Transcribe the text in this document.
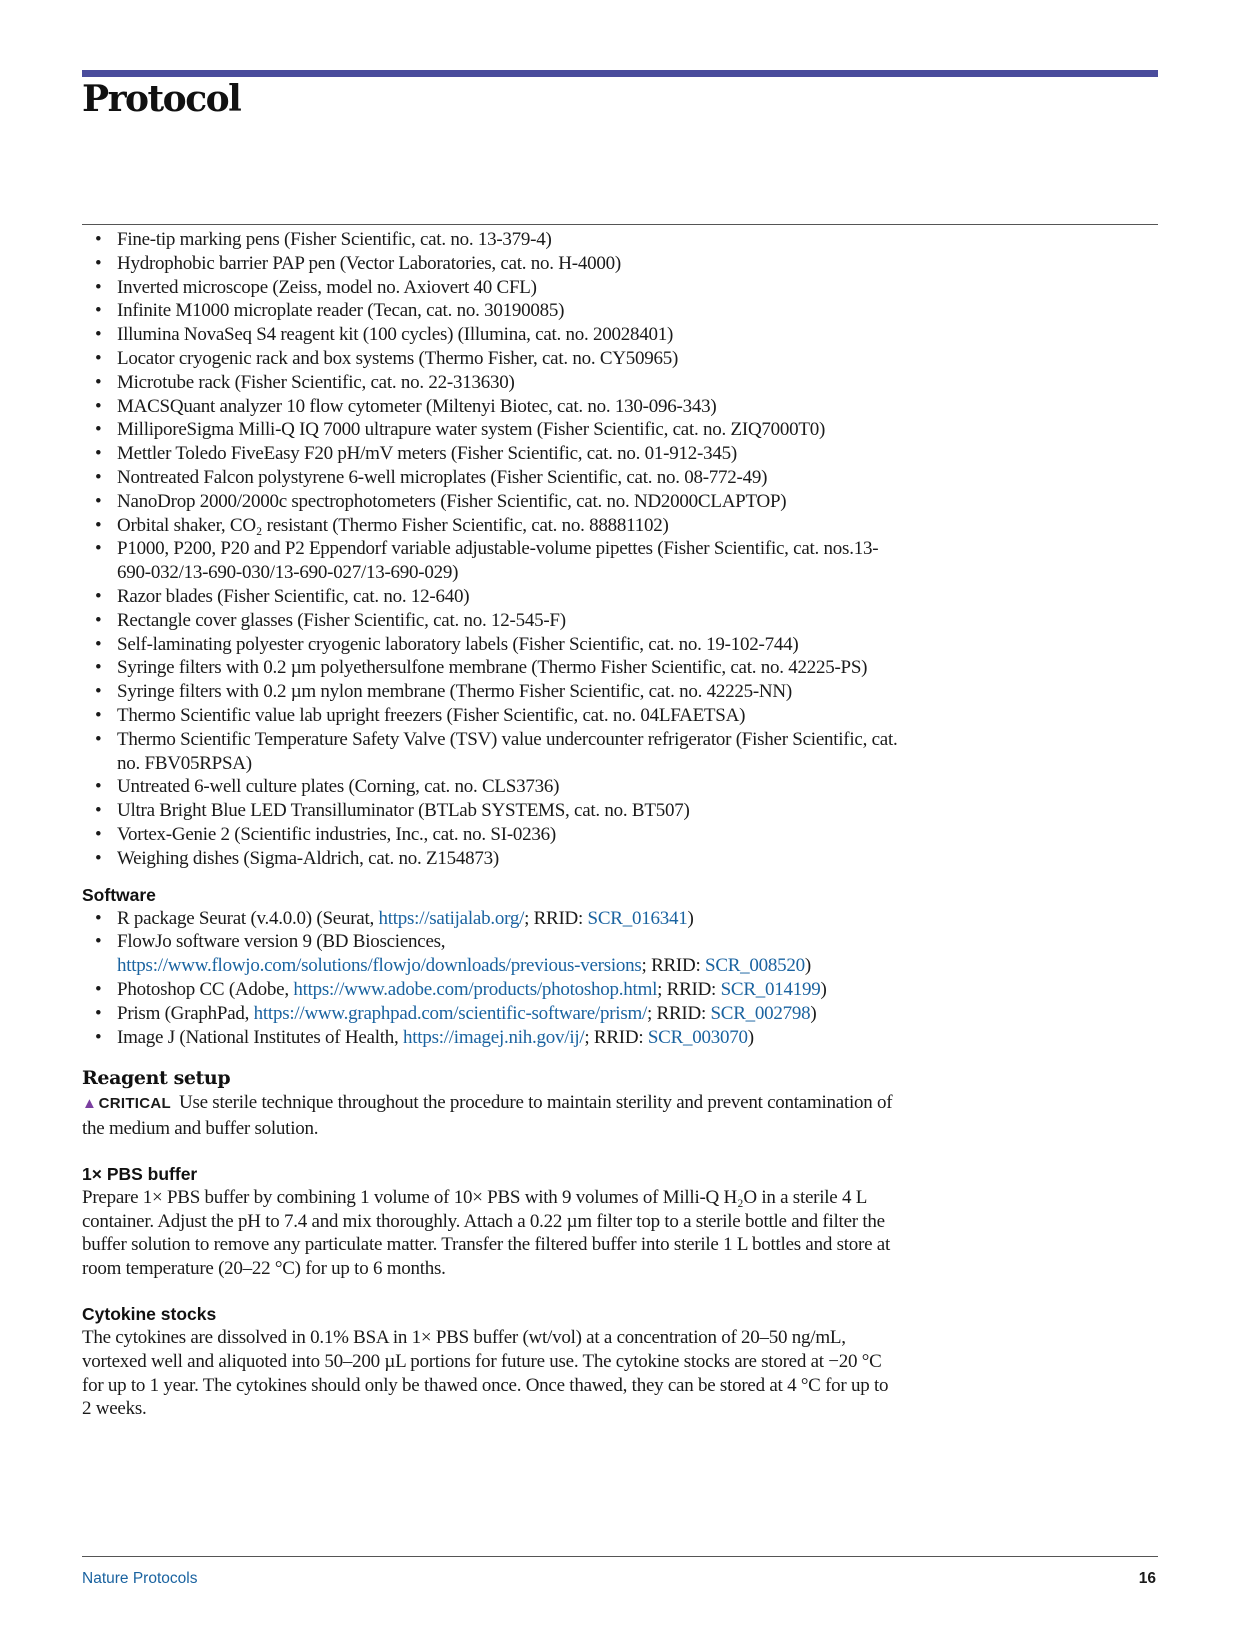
Protocol
• Fine-tip marking pens (Fisher Scientific, cat. no. 13-379-4)
• Hydrophobic barrier PAP pen (Vector Laboratories, cat. no. H-4000)
• Inverted microscope (Zeiss, model no. Axiovert 40 CFL)
• Infinite M1000 microplate reader (Tecan, cat. no. 30190085)
• Illumina NovaSeq S4 reagent kit (100 cycles) (Illumina, cat. no. 20028401)
• Locator cryogenic rack and box systems (Thermo Fisher, cat. no. CY50965)
• Microtube rack (Fisher Scientific, cat. no. 22-313630)
• MACSQuant analyzer 10 flow cytometer (Miltenyi Biotec, cat. no. 130-096-343)
• MilliporeSigma Milli-Q IQ 7000 ultrapure water system (Fisher Scientific, cat. no. ZIQ7000T0)
• Mettler Toledo FiveEasy F20 pH/mV meters (Fisher Scientific, cat. no. 01-912-345)
• Nontreated Falcon polystyrene 6-well microplates (Fisher Scientific, cat. no. 08-772-49)
• NanoDrop 2000/2000c spectrophotometers (Fisher Scientific, cat. no. ND2000CLAPTOP)
• Orbital shaker, CO₂ resistant (Thermo Fisher Scientific, cat. no. 88881102)
• P1000, P200, P20 and P2 Eppendorf variable adjustable-volume pipettes (Fisher Scientific, cat. nos.13-690-032/13-690-030/13-690-027/13-690-029)
• Razor blades (Fisher Scientific, cat. no. 12-640)
• Rectangle cover glasses (Fisher Scientific, cat. no. 12-545-F)
• Self-laminating polyester cryogenic laboratory labels (Fisher Scientific, cat. no. 19-102-744)
• Syringe filters with 0.2 µm polyethersulfone membrane (Thermo Fisher Scientific, cat. no. 42225-PS)
• Syringe filters with 0.2 µm nylon membrane (Thermo Fisher Scientific, cat. no. 42225-NN)
• Thermo Scientific value lab upright freezers (Fisher Scientific, cat. no. 04LFAETSA)
• Thermo Scientific Temperature Safety Valve (TSV) value undercounter refrigerator (Fisher Scientific, cat. no. FBV05RPSA)
• Untreated 6-well culture plates (Corning, cat. no. CLS3736)
• Ultra Bright Blue LED Transilluminator (BTLab SYSTEMS, cat. no. BT507)
• Vortex-Genie 2 (Scientific industries, Inc., cat. no. SI-0236)
• Weighing dishes (Sigma-Aldrich, cat. no. Z154873)
Software
• R package Seurat (v.4.0.0) (Seurat, https://satijalab.org/; RRID: SCR_016341)
• FlowJo software version 9 (BD Biosciences, https://www.flowjo.com/solutions/flowjo/downloads/previous-versions; RRID: SCR_008520)
• Photoshop CC (Adobe, https://www.adobe.com/products/photoshop.html; RRID: SCR_014199)
• Prism (GraphPad, https://www.graphpad.com/scientific-software/prism/; RRID: SCR_002798)
• Image J (National Institutes of Health, https://imagej.nih.gov/ij/; RRID: SCR_003070)
Reagent setup

▲ CRITICAL Use sterile technique throughout the procedure to maintain sterility and prevent contamination of the medium and buffer solution.

1× PBS buffer

Prepare 1× PBS buffer by combining 1 volume of 10× PBS with 9 volumes of Milli-Q H₂O in a sterile 4 L container. Adjust the pH to 7.4 and mix thoroughly. Attach a 0.22 µm filter top to a sterile bottle and filter the buffer solution to remove any particulate matter. Transfer the filtered buffer into sterile 1 L bottles and store at room temperature (20–22 °C) for up to 6 months.

Cytokine stocks

The cytokines are dissolved in 0.1% BSA in 1× PBS buffer (wt/vol) at a concentration of 20–50 ng/mL, vortexed well and aliquoted into 50–200 µL portions for future use. The cytokine stocks are stored at −20 °C for up to 1 year. The cytokines should only be thawed once. Once thawed, they can be stored at 4 °C for up to 2 weeks.

Nature Protocols	16
